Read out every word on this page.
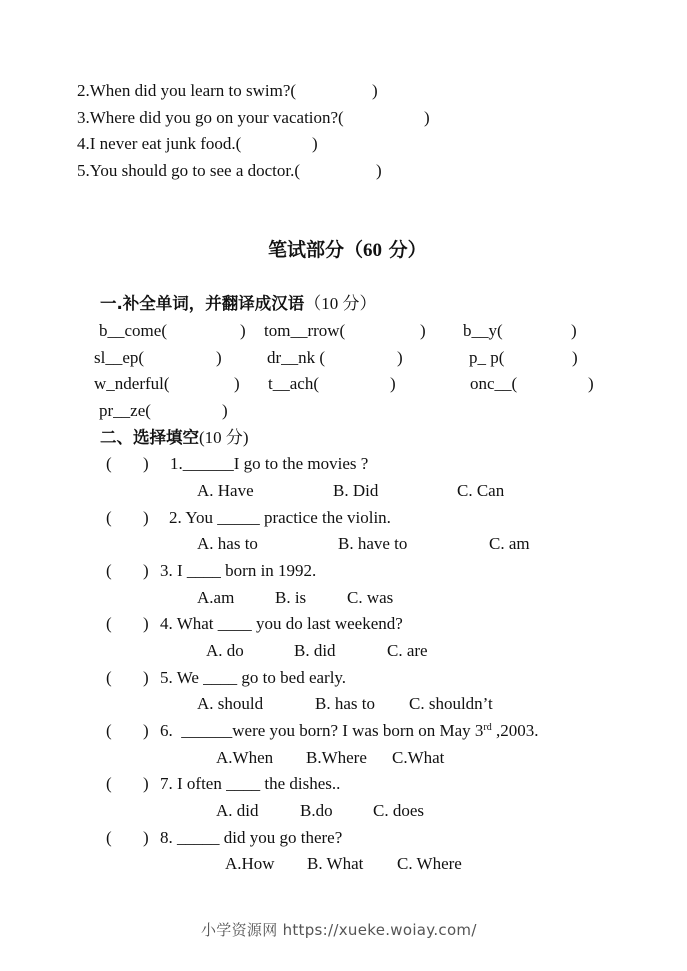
2.When did you learn to swim?(	)
3.Where did you go on your vacation?(	)
4.I never eat junk food.(	)
5.You should go to see a doctor.(	)
笔试部分（60 分）
一.补全单词，并翻译成汉语（10 分）
b__come(	) tom__rrow(	) b__y(	)
sl__ep(	)	dr__nk (	)	p_ p(	)
w_nderful(	) t__ach(	)	onc__(	)
pr__ze(	)
二、选择填空(10 分)
( ) 1.______I go to the movies ?
A. Have	B. Did	C. Can
( ) 2. You _____ practice the violin.
A. has to	B. have to	C. am
( ) 3. I ____ born in 1992.
A.am B. is C. was
( ) 4. What ____ you do last weekend?
A. do	B. did	C. are
( ) 5. We ____ go to bed early.
A. should	B. has to C. shouldn’t
( ) 6.  ______were you born? I was born on May 3rd ,2003.
A.When B.Where C.What
( ) 7. I often ____ the dishes..
A. did B.do C. does
( ) 8. _____ did you go there?
A.How B. What C. Where
小学资源网 https://xueke.woiay.com/
